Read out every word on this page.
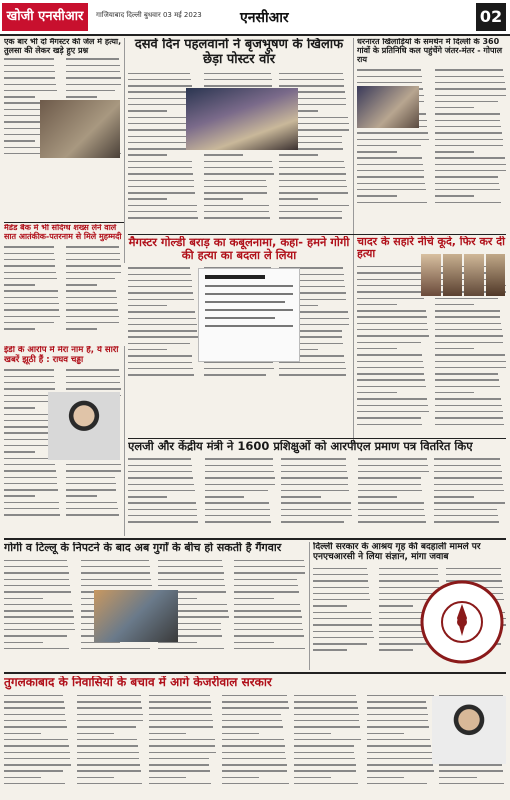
खोजी एनसीआर	गाजियाबाद दिल्ली बुधवार 03 मई 2023	एनसीआर	02
एक बार भी दो मैंगस्टर की जेल में हत्या, तुलसा की लेकर खड़े हुए प्रश्न	दसवें दिन पहलवानों ने बृजभूषण के खिलाफ छेड़ा पोस्टर वॉर
धरनारत खिलाड़ियों के समर्थन में दिल्ली के 360 गांवों के प्रतिनिधि कल पहुंचेंगे जंतर-मंतर - गोपाल राय
मैडेड बैंक में भी संदिग्ध शख्स लेने वाले सात आतंकीक-पतरनाम से मिले मुहम्मदी मैगस्टर गोल्डी बराड़ का कबूलनामा, कहा- हमने गोगी की हत्या का बदला ले लिया
चादर के सहारे नीचे कूदे, फिर कर दी हत्या
ईडी के आरोप में मेरा नाम है, ये सारी खबरें झूठी हैं : राघव चड्ढा
एलजी और केंद्रीय मंत्री ने 1600 प्रशिक्षुओं को आरपीएल प्रमाण पत्र वितरित किए
गोगी व टिल्लू के निपटने के बाद अब गुर्गों के बीच हो सकती है गैंगवार	दिल्ली सरकार के आश्रय गृह की बदहाली मामले पर एनएचआरसी ने लिया संज्ञान, मांगा जवाब
तुगलकाबाद के निवासियों के बचाव में आगे केजरीवाल सरकार
